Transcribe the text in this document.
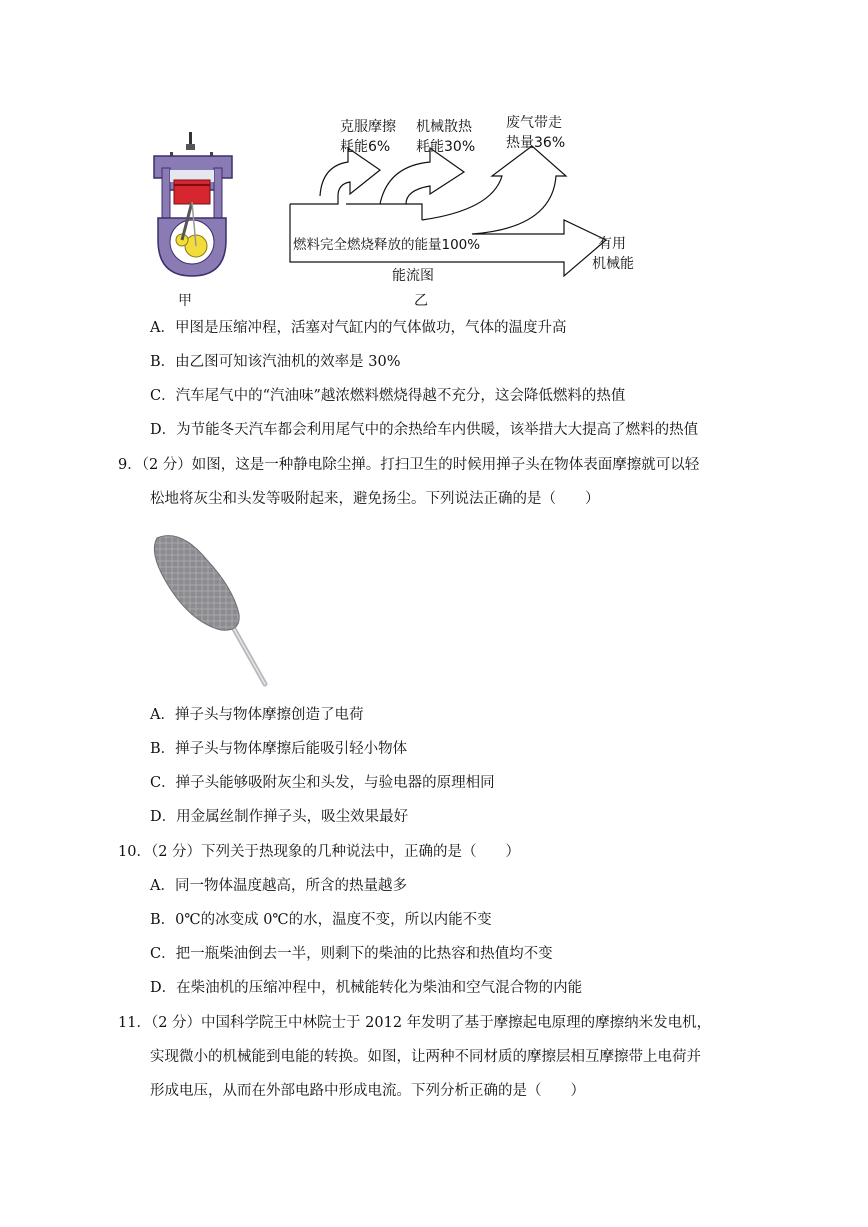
甲
克服摩擦
耗能6%
机械散热
耗能30%
废气带走
热量36%
燃料完全燃烧释放的能量100%	有用
机械能
能流图
乙
A．甲图是压缩冲程，活塞对气缸内的气体做功，气体的温度升高
B．由乙图可知该汽油机的效率是 30%
C．汽车尾气中的“汽油味”越浓燃料燃烧得越不充分，这会降低燃料的热值
D．为节能冬天汽车都会利用尾气中的余热给车内供暖，该举措大大提高了燃料的热值
9．（2 分）如图，这是一种静电除尘掸。打扫卫生的时候用掸子头在物体表面摩擦就可以轻
松地将灰尘和头发等吸附起来，避免扬尘。下列说法正确的是（　　）
A．掸子头与物体摩擦创造了电荷
B．掸子头与物体摩擦后能吸引轻小物体
C．掸子头能够吸附灰尘和头发，与验电器的原理相同
D．用金属丝制作掸子头，吸尘效果最好
10．（2 分）下列关于热现象的几种说法中，正确的是（　　）
A．同一物体温度越高，所含的热量越多
B．0℃的冰变成 0℃的水，温度不变，所以内能不变
C．把一瓶柴油倒去一半，则剩下的柴油的比热容和热值均不变
D．在柴油机的压缩冲程中，机械能转化为柴油和空气混合物的内能
11．（2 分）中国科学院王中林院士于 2012 年发明了基于摩擦起电原理的摩擦纳米发电机，
实现微小的机械能到电能的转换。如图，让两种不同材质的摩擦层相互摩擦带上电荷并
形成电压，从而在外部电路中形成电流。下列分析正确的是（　　）
